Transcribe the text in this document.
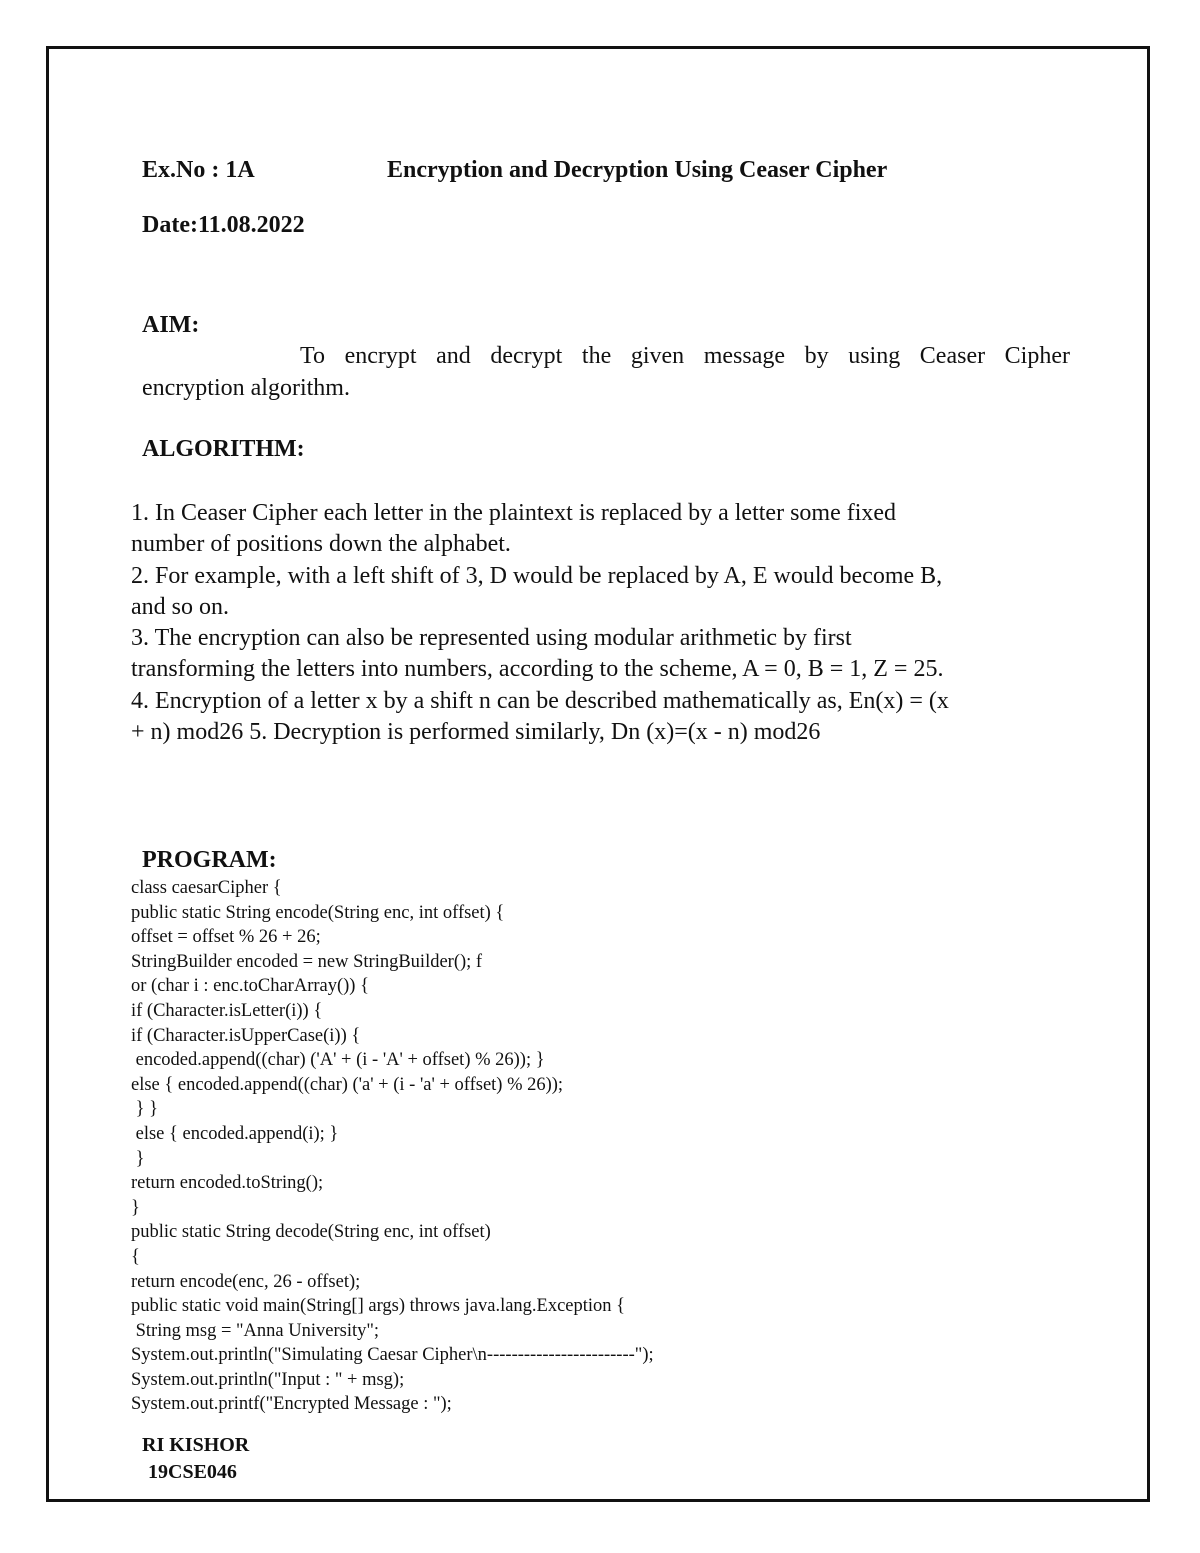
Ex.No : 1A	Encryption and Decryption Using Ceaser Cipher
Date:11.08.2022
AIM:
To encrypt and decrypt the given message by using Ceaser Cipher
encryption algorithm.
ALGORITHM:
1. In Ceaser Cipher each letter in the plaintext is replaced by a letter some fixed
number of positions down the alphabet.
2. For example, with a left shift of 3, D would be replaced by A, E would become B,
and so on.
3. The encryption can also be represented using modular arithmetic by first
transforming the letters into numbers, according to the scheme, A = 0, B = 1, Z = 25.
4. Encryption of a letter x by a shift n can be described mathematically as, En(x) = (x
+ n) mod26 5. Decryption is performed similarly, Dn (x)=(x - n) mod26
PROGRAM:
class caesarCipher {
public static String encode(String enc, int offset) {
offset = offset % 26 + 26;
StringBuilder encoded = new StringBuilder(); f
or (char i : enc.toCharArray()) {
if (Character.isLetter(i)) {
if (Character.isUpperCase(i)) {
encoded.append((char) ('A' + (i - 'A' + offset) % 26)); }
else { encoded.append((char) ('a' + (i - 'a' + offset) % 26));
} }
else { encoded.append(i); }
}
return encoded.toString();
}
public static String decode(String enc, int offset)
{
return encode(enc, 26 - offset);
public static void main(String[] args) throws java.lang.Exception {
String msg = "Anna University";
System.out.println("Simulating Caesar Cipher\n------------------------");
System.out.println("Input : " + msg);
System.out.printf("Encrypted Message : ");
RI KISHOR
19CSE046
